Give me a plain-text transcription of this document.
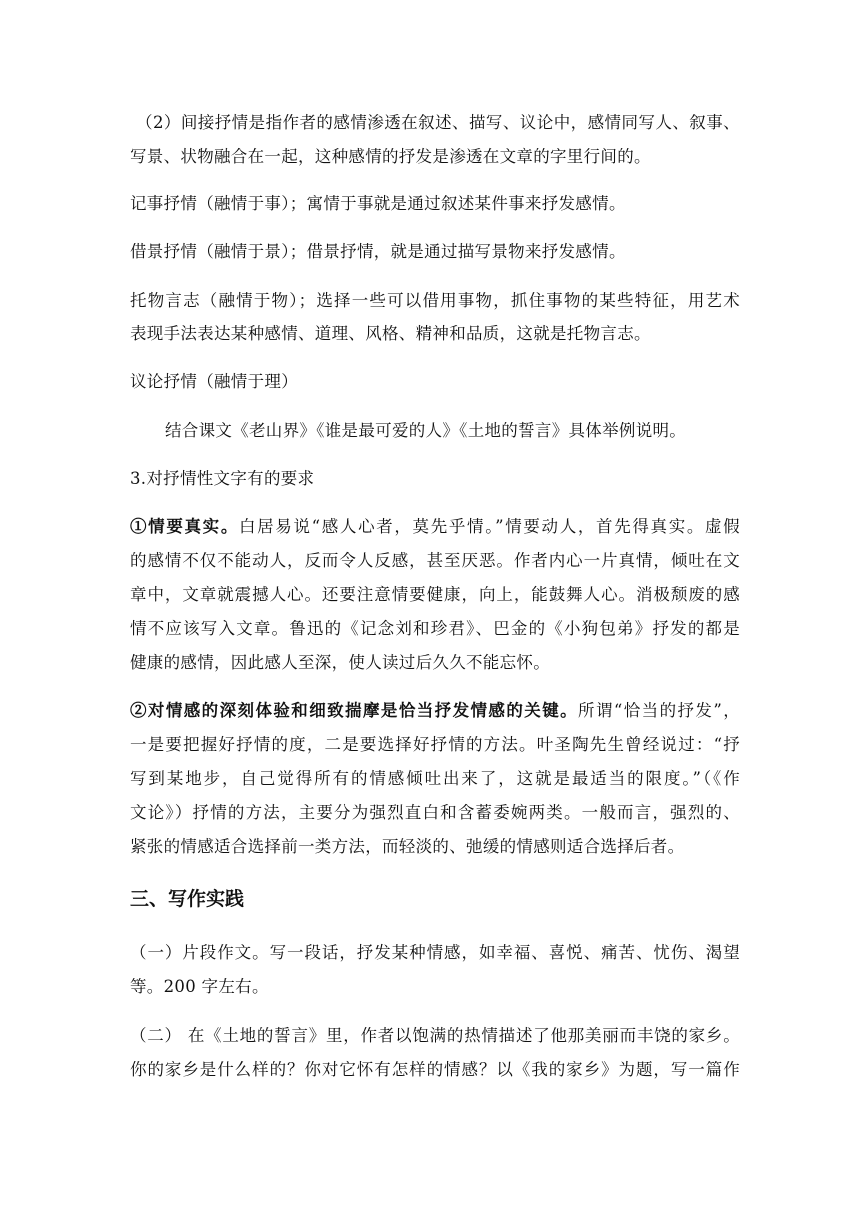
（2）间接抒情是指作者的感情渗透在叙述、描写、议论中，感情同写人、叙事、
写景、状物融合在一起，这种感情的抒发是渗透在文章的字里行间的。
记事抒情（融情于事）；寓情于事就是通过叙述某件事来抒发感情。
借景抒情（融情于景）；借景抒情，就是通过描写景物来抒发感情。
托物言志（融情于物）；选择一些可以借用事物，抓住事物的某些特征，用艺术
表现手法表达某种感情、道理、风格、精神和品质，这就是托物言志。
议论抒情（融情于理）
结合课文《老山界》《谁是最可爱的人》《土地的誓言》具体举例说明。
3.对抒情性文字有的要求
①情要真实。白居易说“感人心者，莫先乎情。”情要动人，首先得真实。虚假
的感情不仅不能动人，反而令人反感，甚至厌恶。作者内心一片真情，倾吐在文
章中，文章就震撼人心。还要注意情要健康，向上，能鼓舞人心。消极颓废的感
情不应该写入文章。鲁迅的《记念刘和珍君》、巴金的《小狗包弟》抒发的都是
健康的感情，因此感人至深，使人读过后久久不能忘怀。
②对情感的深刻体验和细致揣摩是恰当抒发情感的关键。所谓“恰当的抒发”，
一是要把握好抒情的度，二是要选择好抒情的方法。叶圣陶先生曾经说过：“抒
写到某地步，自己觉得所有的情感倾吐出来了，这就是最适当的限度。”（《作
文论》）抒情的方法，主要分为强烈直白和含蓄委婉两类。一般而言，强烈的、
紧张的情感适合选择前一类方法，而轻淡的、弛缓的情感则适合选择后者。
三、写作实践
（一）片段作文。写一段话，抒发某种情感，如幸福、喜悦、痛苦、忧伤、渴望
等。200 字左右。
（二） 在《土地的誓言》里，作者以饱满的热情描述了他那美丽而丰饶的家乡。
你的家乡是什么样的？你对它怀有怎样的情感？以《我的家乡》为题，写一篇作
